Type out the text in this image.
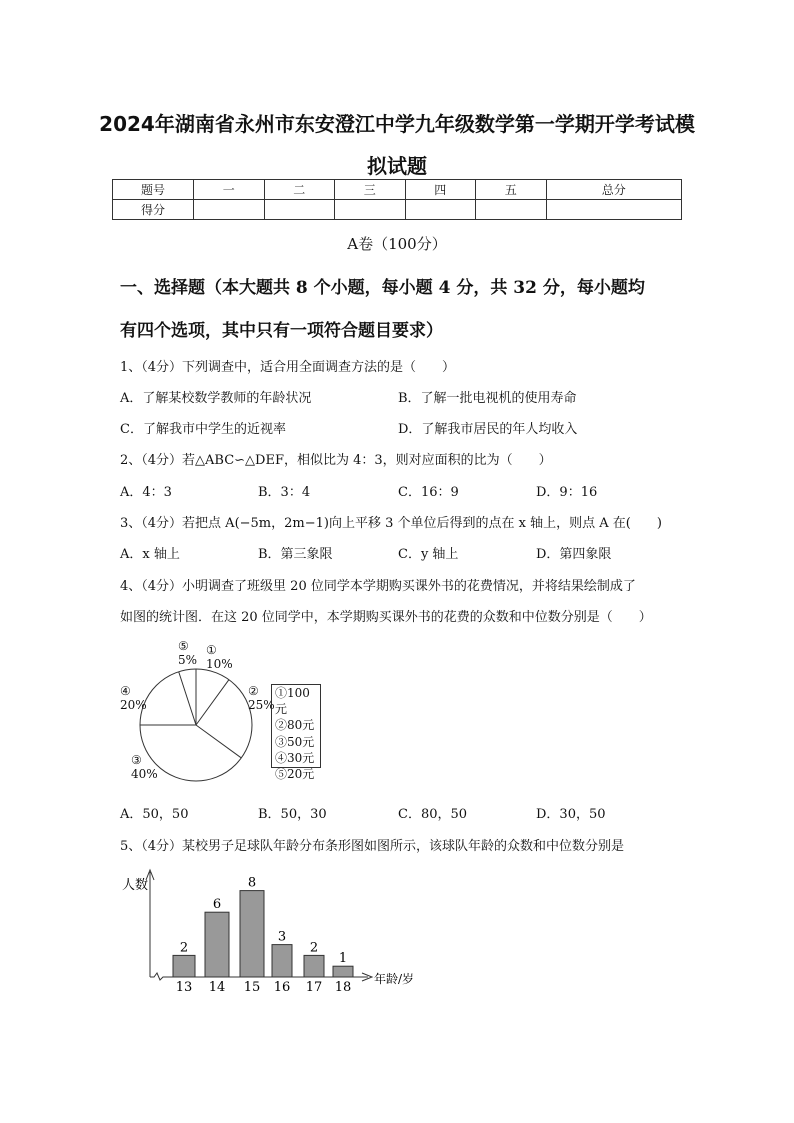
2024年湖南省永州市东安澄江中学九年级数学第一学期开学考试模
拟试题
题号	一	二	三	四	五	总分
得分						
A卷（100分）
一、选择题（本大题共 8 个小题，每小题 4 分，共 32 分，每小题均
有四个选项，其中只有一项符合题目要求）
1、（4分）下列调查中，适合用全面调查方法的是（　　）
A．了解某校数学教师的年龄状况	B．了解一批电视机的使用寿命
C．了解我市中学生的近视率	D．了解我市居民的年人均收入
2、（4分）若△ABC∽△DEF，相似比为 4：3，则对应面积的比为（　　）
A．4：3	B．3：4	C．16：9	D．9：16
3、（4分）若把点 A(−5m，2m−1)向上平移 3 个单位后得到的点在 x 轴上，则点 A 在(　　)
A．x 轴上	B．第三象限	C．y 轴上	D．第四象限
4、（4分）小明调查了班级里 20 位同学本学期购买课外书的花费情况，并将结果绘制成了
如图的统计图．在这 20 位同学中，本学期购买课外书的花费的众数和中位数分别是（　　）
⑤
5%
①
10%
②
25%
④
20%
③
40%
①100元
②80元
③50元
④30元
⑤20元
A．50，50	B．50，30	C．80，50	D．30，50
5、（4分）某校男子足球队年龄分布条形图如图所示，该球队年龄的众数和中位数分别是
人数
年龄/岁
2
13
6
14
8
15
3
16
2
17
1
18
